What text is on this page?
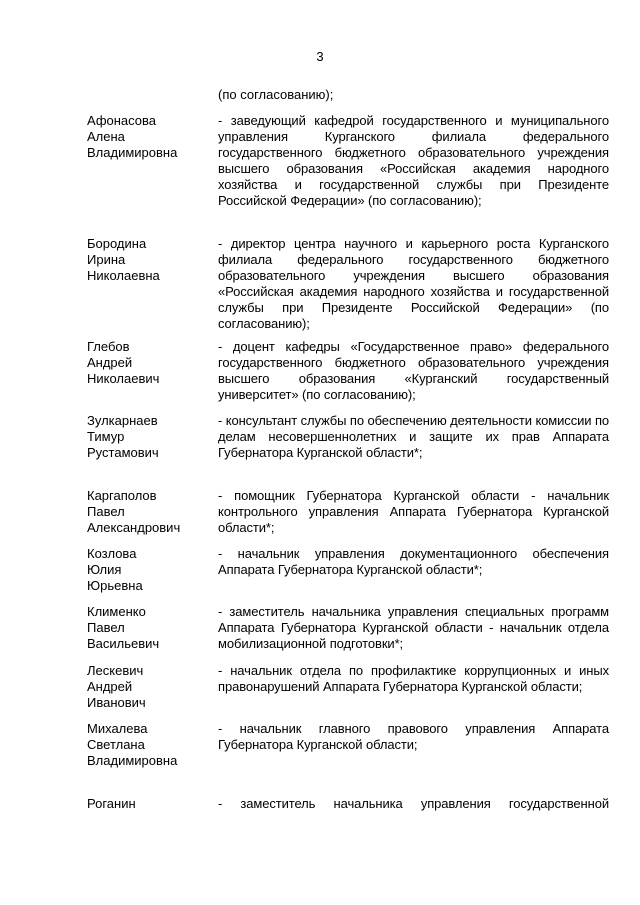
3
(по согласованию);
Афонасова
Алена
Владимировна
- заведующий кафедрой государственного и муниципального управления Курганского филиала федерального государственного бюджетного образовательного учреждения высшего образования «Российская академия народного хозяйства и государственной службы при Президенте Российской Федерации» (по согласованию);
Бородина
Ирина
Николаевна
- директор центра научного и карьерного роста Курганского филиала федерального государственного бюджетного образовательного учреждения высшего образования «Российская академия народного хозяйства и государственной службы при Президенте Российской Федерации» (по согласованию);
Глебов
Андрей
Николаевич
- доцент кафедры «Государственное право» федерального государственного бюджетного образовательного учреждения высшего образования «Курганский государственный университет» (по согласованию);
Зулкарнаев
Тимур
Рустамович
- консультант службы по обеспечению деятельности комиссии по делам несовершеннолетних и защите их прав Аппарата Губернатора Курганской области*;
Каргаполов
Павел
Александрович
- помощник Губернатора Курганской области - начальник контрольного управления Аппарата Губернатора Курганской области*;
Козлова
Юлия
Юрьевна
- начальник управления документационного обеспечения Аппарата Губернатора Курганской области*;
Клименко
Павел
Васильевич
- заместитель начальника управления специальных программ Аппарата Губернатора Курганской области - начальник отдела мобилизационной подготовки*;
Лескевич
Андрей
Иванович
- начальник отдела по профилактике коррупционных и иных правонарушений Аппарата Губернатора Курганской области;
Михалева
Светлана
Владимировна
- начальник главного правового управления Аппарата Губернатора Курганской области;
Роганин	- заместитель начальника управления государственной
